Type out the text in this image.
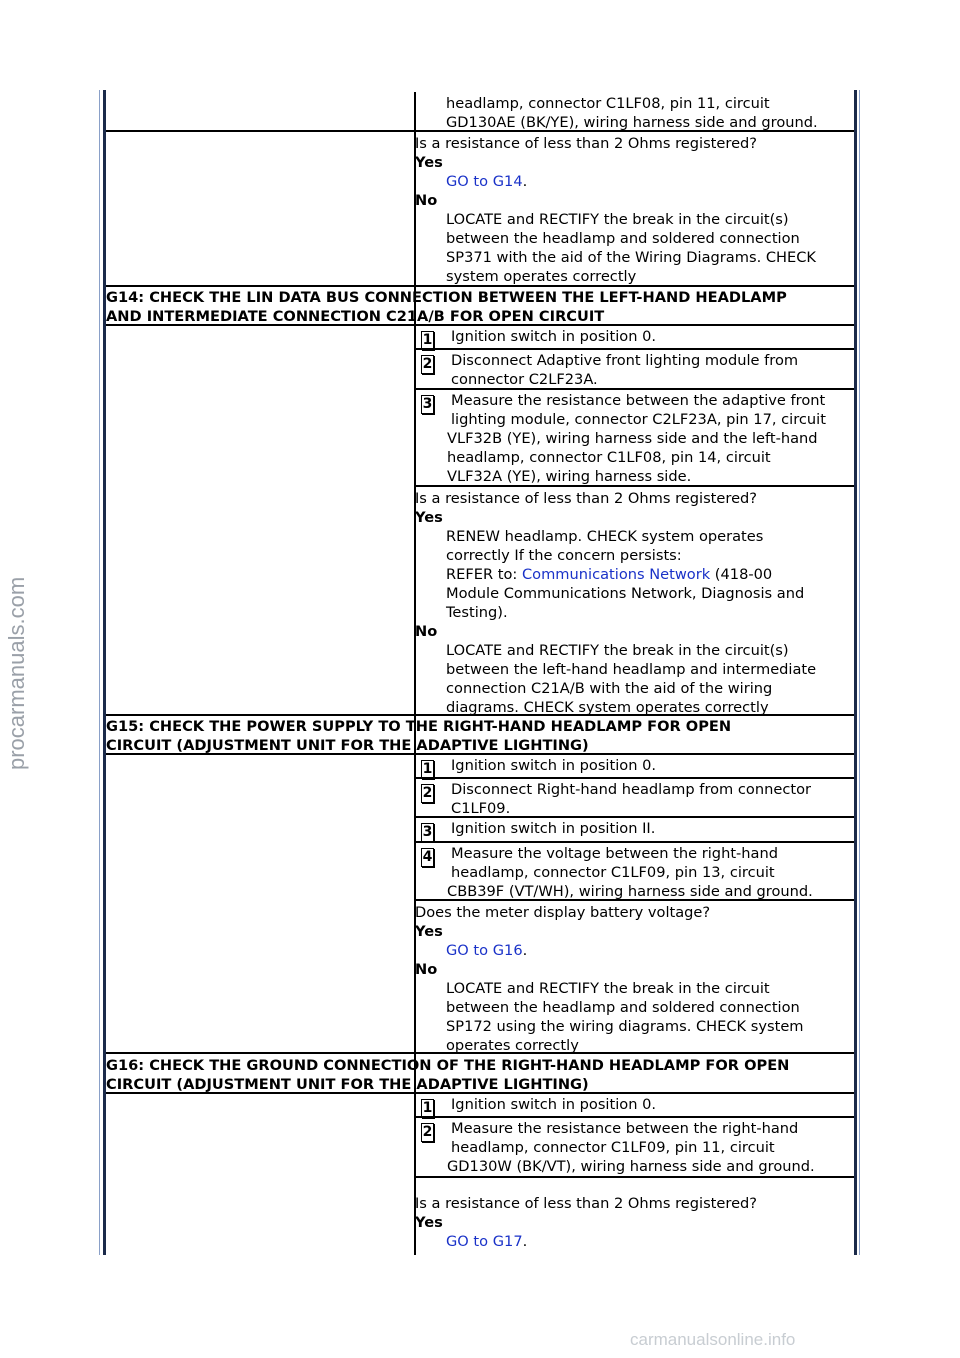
headlamp, connector C1LF08, pin 11, circuit
GD130AE (BK/YE), wiring harness side and ground.
Is a resistance of less than 2 Ohms registered?
Yes
GO to G14.
No
LOCATE and RECTIFY the break in the circuit(s)
between the headlamp and soldered connection
SP371 with the aid of the Wiring Diagrams. CHECK
system operates correctly
G14: CHECK THE LIN DATA BUS CONNECTION BETWEEN THE LEFT-HAND HEADLAMP
AND INTERMEDIATE CONNECTION C21A/B FOR OPEN CIRCUIT
1 Ignition switch in position 0.
2 Disconnect Adaptive front lighting module from
connector C2LF23A.
3 Measure the resistance between the adaptive front
lighting module, connector C2LF23A, pin 17, circuit
VLF32B (YE), wiring harness side and the left-hand
headlamp, connector C1LF08, pin 14, circuit
VLF32A (YE), wiring harness side.
Is a resistance of less than 2 Ohms registered?
Yes
RENEW headlamp. CHECK system operates
correctly If the concern persists:
REFER to: Communications Network (418-00
Module Communications Network, Diagnosis and
Testing).
No
LOCATE and RECTIFY the break in the circuit(s)
between the left-hand headlamp and intermediate
connection C21A/B with the aid of the wiring
diagrams. CHECK system operates correctly
G15: CHECK THE POWER SUPPLY TO THE RIGHT-HAND HEADLAMP FOR OPEN
CIRCUIT (ADJUSTMENT UNIT FOR THE ADAPTIVE LIGHTING)
1 Ignition switch in position 0.
2 Disconnect Right-hand headlamp from connector
C1LF09.
3 Ignition switch in position II.
4 Measure the voltage between the right-hand
headlamp, connector C1LF09, pin 13, circuit
CBB39F (VT/WH), wiring harness side and ground.
Does the meter display battery voltage?
Yes
GO to G16.
No
LOCATE and RECTIFY the break in the circuit
between the headlamp and soldered connection
SP172 using the wiring diagrams. CHECK system
operates correctly
G16: CHECK THE GROUND CONNECTION OF THE RIGHT-HAND HEADLAMP FOR OPEN
CIRCUIT (ADJUSTMENT UNIT FOR THE ADAPTIVE LIGHTING)
1 Ignition switch in position 0.
2 Measure the resistance between the right-hand
headlamp, connector C1LF09, pin 11, circuit
GD130W (BK/VT), wiring harness side and ground.
Is a resistance of less than 2 Ohms registered?
Yes
GO to G17.
procarmanuals.com
carmanualsonline.info
